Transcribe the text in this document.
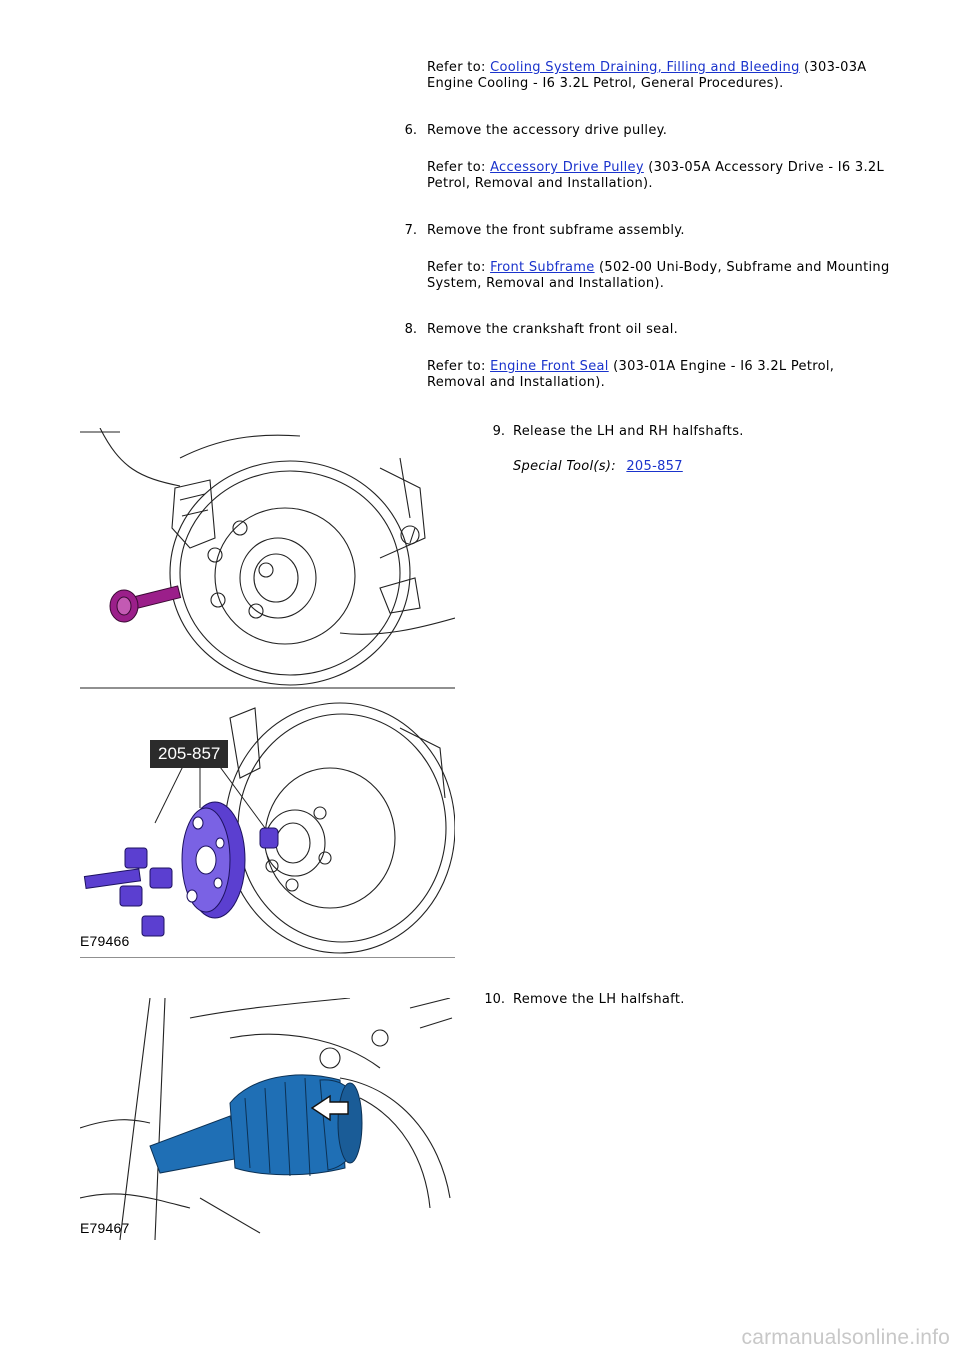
Refer to: Cooling System Draining, Filling and Bleeding (303-03A
Engine Cooling - I6 3.2L Petrol, General Procedures).
6. Remove the accessory drive pulley.
Refer to: Accessory Drive Pulley (303-05A Accessory Drive - I6 3.2L
Petrol, Removal and Installation).
7. Remove the front subframe assembly.
Refer to: Front Subframe (502-00 Uni-Body, Subframe and Mounting
System, Removal and Installation).
8. Remove the crankshaft front oil seal.
Refer to: Engine Front Seal (303-01A Engine - I6 3.2L Petrol,
Removal and Installation).
9. Release the LH and RH halfshafts.
Special Tool(s): 205-857
10. Remove the LH halfshaft.
205-857
E79466
E79467
carmanualsonline.info
